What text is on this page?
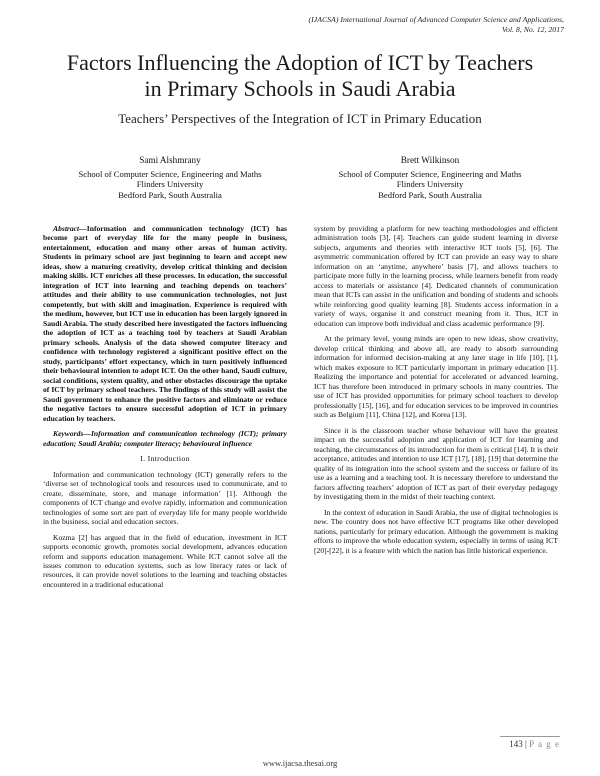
(IJACSA) International Journal of Advanced Computer Science and Applications,
Vol. 8, No. 12, 2017
Factors Influencing the Adoption of ICT by Teachers
in Primary Schools in Saudi Arabia
Teachers’ Perspectives of the Integration of ICT in Primary Education
Sami Alshmrany
School of Computer Science, Engineering and Maths
Flinders University
Bedford Park, South Australia
Brett Wilkinson
School of Computer Science, Engineering and Maths
Flinders University
Bedford Park, South Australia

Abstract—Information and communication technology (ICT) has become part of everyday life for the many people in business, entertainment, education and many other areas of human activity. Students in primary school are just beginning to learn and accept new ideas, show a maturing creativity, develop critical thinking and decision making skills. ICT enriches all these processes. In education, the successful integration of ICT into learning and teaching depends on teachers’ attitudes and their ability to use communication technologies, not just competently, but with skill and imagination. Experience is required with the medium, however, but ICT use in education has been largely ignored in Saudi Arabia. The study described here investigated the factors influencing the adoption of ICT as a teaching tool by teachers at Saudi Arabian primary schools. Analysis of the data showed computer literacy and confidence with technology registered a significant positive effect on the study, participants’ effort expectancy, which in turn positively influenced their behavioural intention to adopt ICT. On the other hand, Saudi culture, social conditions, system quality, and other obstacles discourage the uptake of ICT by primary school teachers. The findings of this study will assist the Saudi government to enhance the positive factors and eliminate or reduce the negative factors to ensure successful adoption of ICT in primary education by teachers.

Keywords—Information and communication technology (ICT); primary education; Saudi Arabia; computer literacy; behavioural influence

I. Introduction

Information and communication technology (ICT) generally refers to the ‘diverse set of technological tools and resources used to communicate, and to create, disseminate, store, and manage information’ [1]. Although the components of ICT change and evolve rapidly, information and communication technologies of some sort are part of everyday life for many people worldwide in the business, social and education sectors.

Kozma [2] has argued that in the field of education, investment in ICT supports economic growth, promotes social development, advances education reform and supports education management. While ICT cannot solve all the issues common to education systems, such as low literacy rates or lack of resources, it can provide novel solutions to the learning and teaching obstacles encountered in a traditional educational

system by providing a platform for new teaching methodologies and efficient administration tools [3], [4]. Teachers can guide student learning in diverse subjects, arguments and theories with interactive ICT tools [5], [6]. The asymmetric communication offered by ICT can provide an easy way to share information on an ‘anytime, anywhere’ basis [7], and allows teachers to participate more fully in the learning process, while learners benefit from ready access to materials or assistance [4]. Dedicated channels of communication mean that ICTs can assist in the unification and bonding of students and schools while reinforcing good quality learning [8]. Students access information in a variety of ways, organise it and construct meaning from it. Thus, ICT in education can improve both individual and class academic performance [9].

At the primary level, young minds are open to new ideas, show creativity, develop critical thinking and above all, are ready to absorb surrounding information for informed decision-making at any later stage in life [10], [1], which makes exposure to ICT particularly important in primary education [1]. Realizing the importance and potential for accelerated or advanced learning, ICT has therefore been introduced in primary schools in many countries. The use of ICT has provided opportunities for primary school teachers to develop professionally [15], [16], and for education services to be improved in countries such as Belgium [11], China [12], and Korea [13].

Since it is the classroom teacher whose behaviour will have the greatest impact on the successful adoption and application of ICT for learning and teaching, the circumstances of its introduction for them is critical [14]. It is their acceptance, attitudes and intention to use ICT [17], [18], [19] that determine the quality of its integration into the school system and the success or failure of its use as a learning and a teaching tool. It is necessary therefore to understand the factors affecting teachers’ adoption of ICT as part of their everyday pedagogy by investigating them in the midst of their teaching context.

In the context of education in Saudi Arabia, the use of digital technologies is new. The country does not have effective ICT programs like other developed nations, particularly for primary education. Although the government is making efforts to improve the whole education system, especially in terms of using ICT [20]-[22], it is a feature with which the nation has little historical experience.

143 | P a g e
www.ijacsa.thesai.org
